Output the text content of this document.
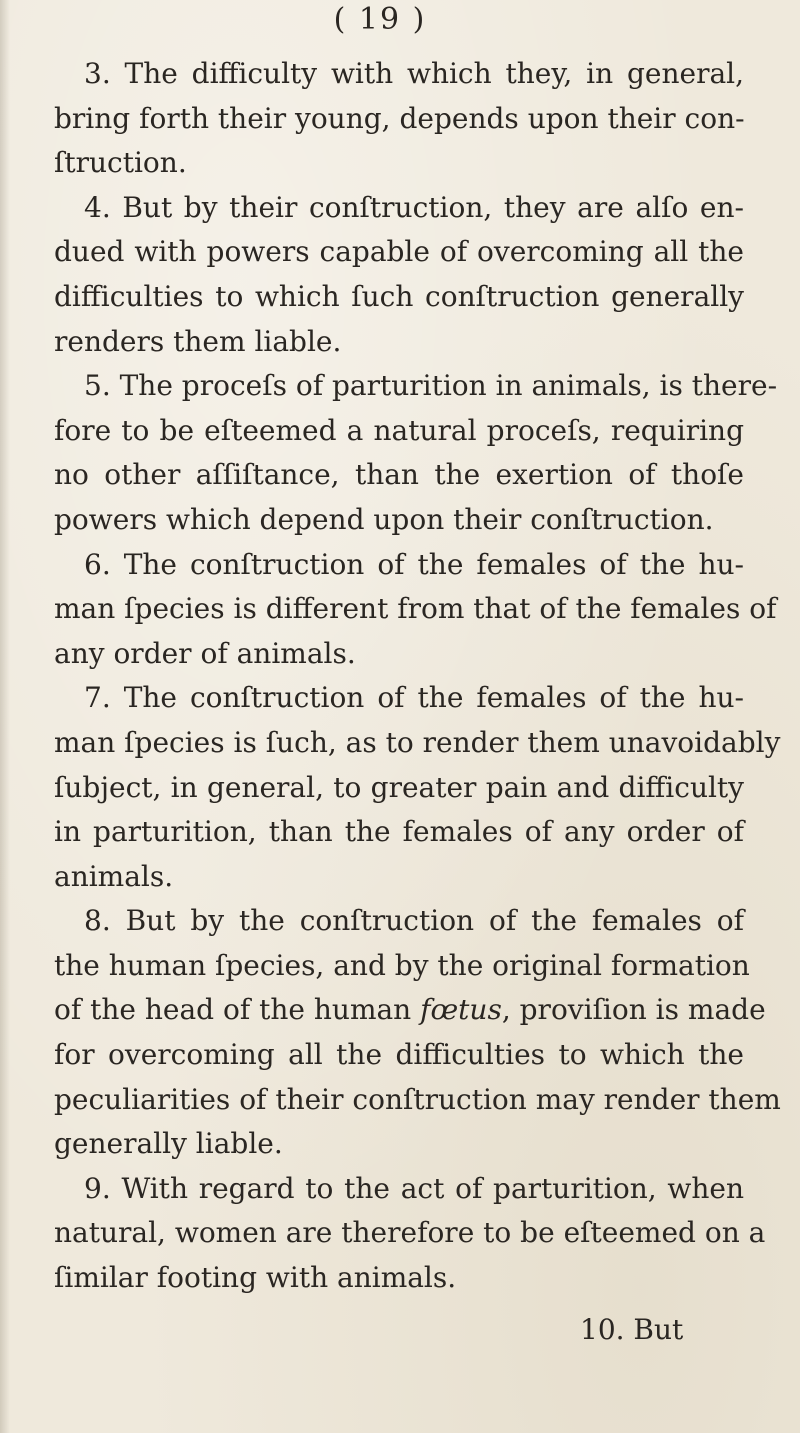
( 19 )
3. The difficulty with which they, in general,
bring forth their young, depends upon their con-
ſtruction.
4. But by their conſtruction, they are alſo en-
dued with powers capable of overcoming all the
difficulties to which ſuch conſtruction generally
renders them liable.
5. The proceſs of parturition in animals, is there-
fore to be eſteemed a natural proceſs, requiring
no other aſſiſtance, than the exertion of thoſe
powers which depend upon their conſtruction.
6. The conſtruction of the females of the hu-
man ſpecies is different from that of the females of
any order of animals.
7. The conſtruction of the females of the hu-
man ſpecies is ſuch, as to render them unavoidably
ſubject, in general, to greater pain and difficulty
in parturition, than the females of any order of
animals.
8. But by the conſtruction of the females of
the human ſpecies, and by the original formation
of the head of the human fœtus, proviſion is made
for overcoming all the difficulties to which the
peculiarities of their conſtruction may render them
generally liable.
9. With regard to the act of parturition, when
natural, women are therefore to be eſteemed on a
ſimilar footing with animals.
10. But
